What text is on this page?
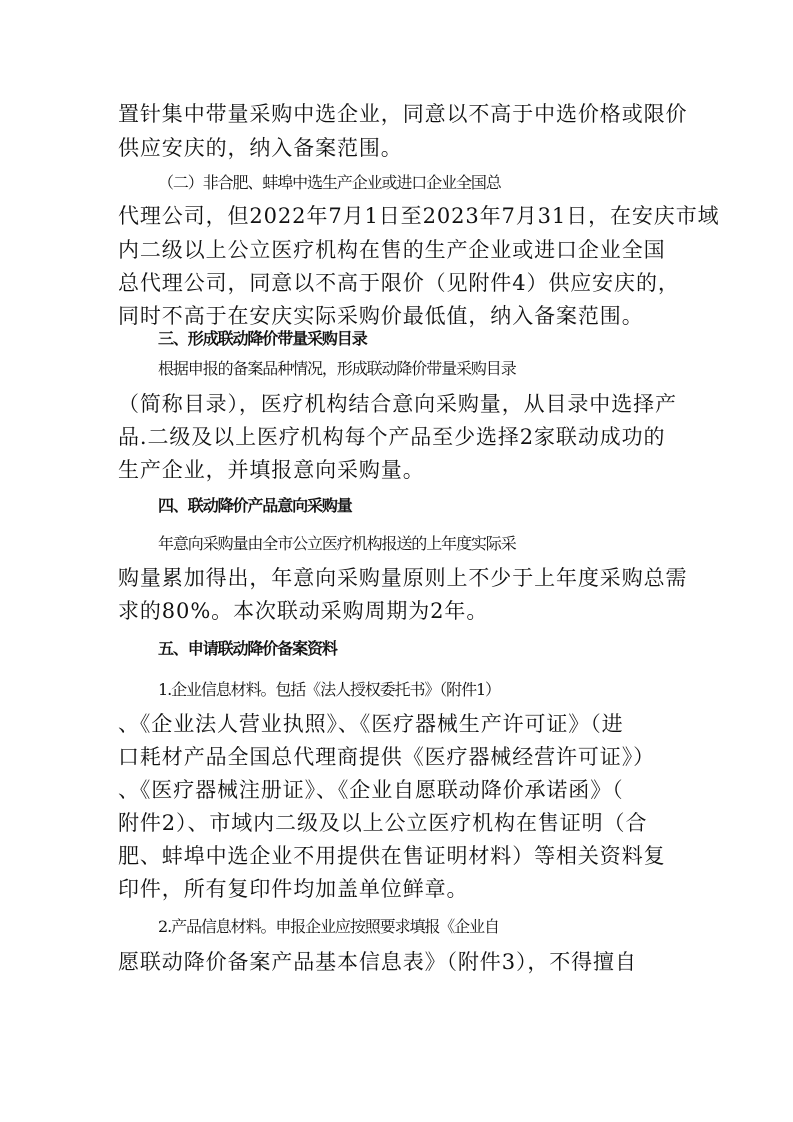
置针集中带量采购中选企业，同意以不高于中选价格或限价
供应安庆的，纳入备案范围。
（二）非合肥、蚌埠中选生产企业或进口企业全国总
代理公司，但2022年7月1日至2023年7月31日，在安庆市域
内二级以上公立医疗机构在售的生产企业或进口企业全国
总代理公司，同意以不高于限价（见附件4）供应安庆的，
同时不高于在安庆实际采购价最低值，纳入备案范围。
三、形成联动降价带量采购目录
根据申报的备案品种情况，形成联动降价带量采购目录
（简称目录），医疗机构结合意向采购量，从目录中选择产
品.二级及以上医疗机构每个产品至少选择2家联动成功的
生产企业，并填报意向采购量。
四、联动降价产品意向采购量
年意向采购量由全市公立医疗机构报送的上年度实际采
购量累加得出，年意向采购量原则上不少于上年度采购总需
求的80%。本次联动采购周期为2年。
五、申请联动降价备案资料
1.企业信息材料。包括《法人授权委托书》（附件1）
、《企业法人营业执照》、《医疗器械生产许可证》（进
口耗材产品全国总代理商提供《医疗器械经营许可证》）
、《医疗器械注册证》、《企业自愿联动降价承诺函》（
附件2）、市域内二级及以上公立医疗机构在售证明（合
肥、蚌埠中选企业不用提供在售证明材料）等相关资料复
印件，所有复印件均加盖单位鲜章。
2.产品信息材料。申报企业应按照要求填报《企业自
愿联动降价备案产品基本信息表》（附件3），不得擅自
